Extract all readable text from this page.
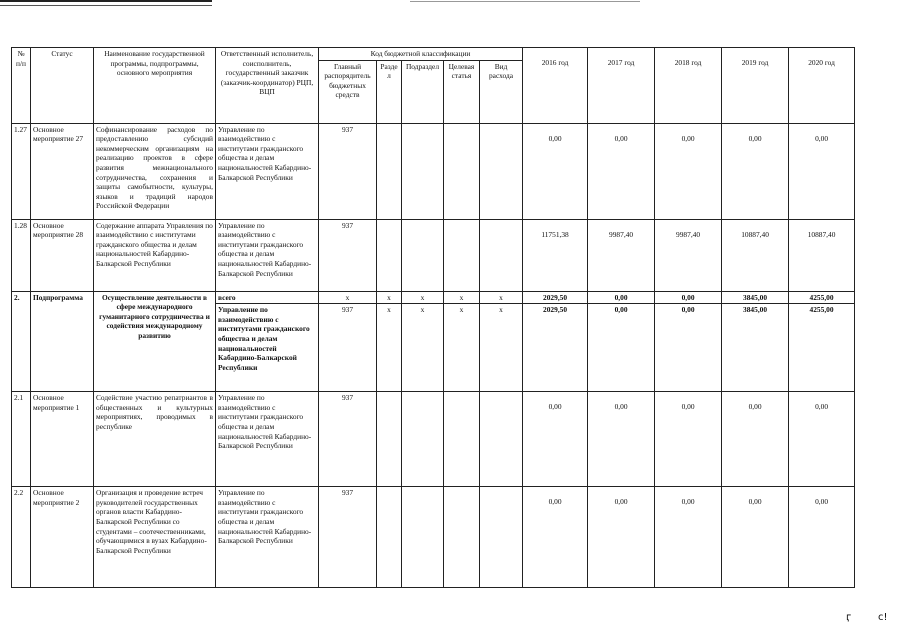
№ п/п	Статус	Наименование государственной программы, подпрограммы, основного мероприятия	Ответственный исполнитель, соисполнитель, государственный заказчик (заказчик-координатор) РЦП, ВЦП	Код бюджетной классификации					2016 год	2017 год	2018 год	2019 год	2020 год
				Главный распорядитель бюджетных средств	Раздел	Подраздел	Целевая статья	Вид расхода					
1.27	Основное мероприятие 27	Софинансирование расходов по предоставлению субсидий некоммерческим организациям на реализацию проектов в сфере развития межнационального сотрудничества, сохранения и защиты самобытности, культуры, языков и традиций народов Российской Федерации	Управление по взаимодействию с институтами гражданского общества и делам национальностей Кабардино-Балкарской Республики	937					0,00	0,00	0,00	0,00	0,00
1.28	Основное мероприятие 28	Содержание аппарата Управления по взаимодействию с институтами гражданского общества и делам национальностей Кабардино-Балкарской Республики	Управление по взаимодействию с институтами гражданского общества и делам национальностей Кабардино-Балкарской Республики	937					11751,38	9987,40	9987,40	10887,40	10887,40
2.	Подпрограмма	Осуществление деятельности в сфере международного гуманитарного сотрудничества и содействия международному развитию	всего	х	х	х	х	х	2029,50	0,00	0,00	3845,00	4255,00
			Управление по взаимодействию с институтами гражданского общества и делам национальностей Кабардино-Балкарской Республики	937	х	х	х	х	2029,50	0,00	0,00	3845,00	4255,00
2.1	Основное мероприятие 1	Содействие участию репатриантов в общественных и культурных мероприятиях, проводимых в республике	Управление по взаимодействию с институтами гражданского общества и делам национальностей Кабардино-Балкарской Республики	937					0,00	0,00	0,00	0,00	0,00
2.2	Основное мероприятие 2	Организация и проведение встреч руководителей государственных органов власти Кабардино-Балкарской Республики со студентами – соотечественниками, обучающимися в вузах Кабардино-Балкарской Республики	Управление по взаимодействию с институтами гражданского общества и делам национальностей Кабардино-Балкарской Республики	937					0,00	0,00	0,00	0,00	0,00
ӷ	с!
